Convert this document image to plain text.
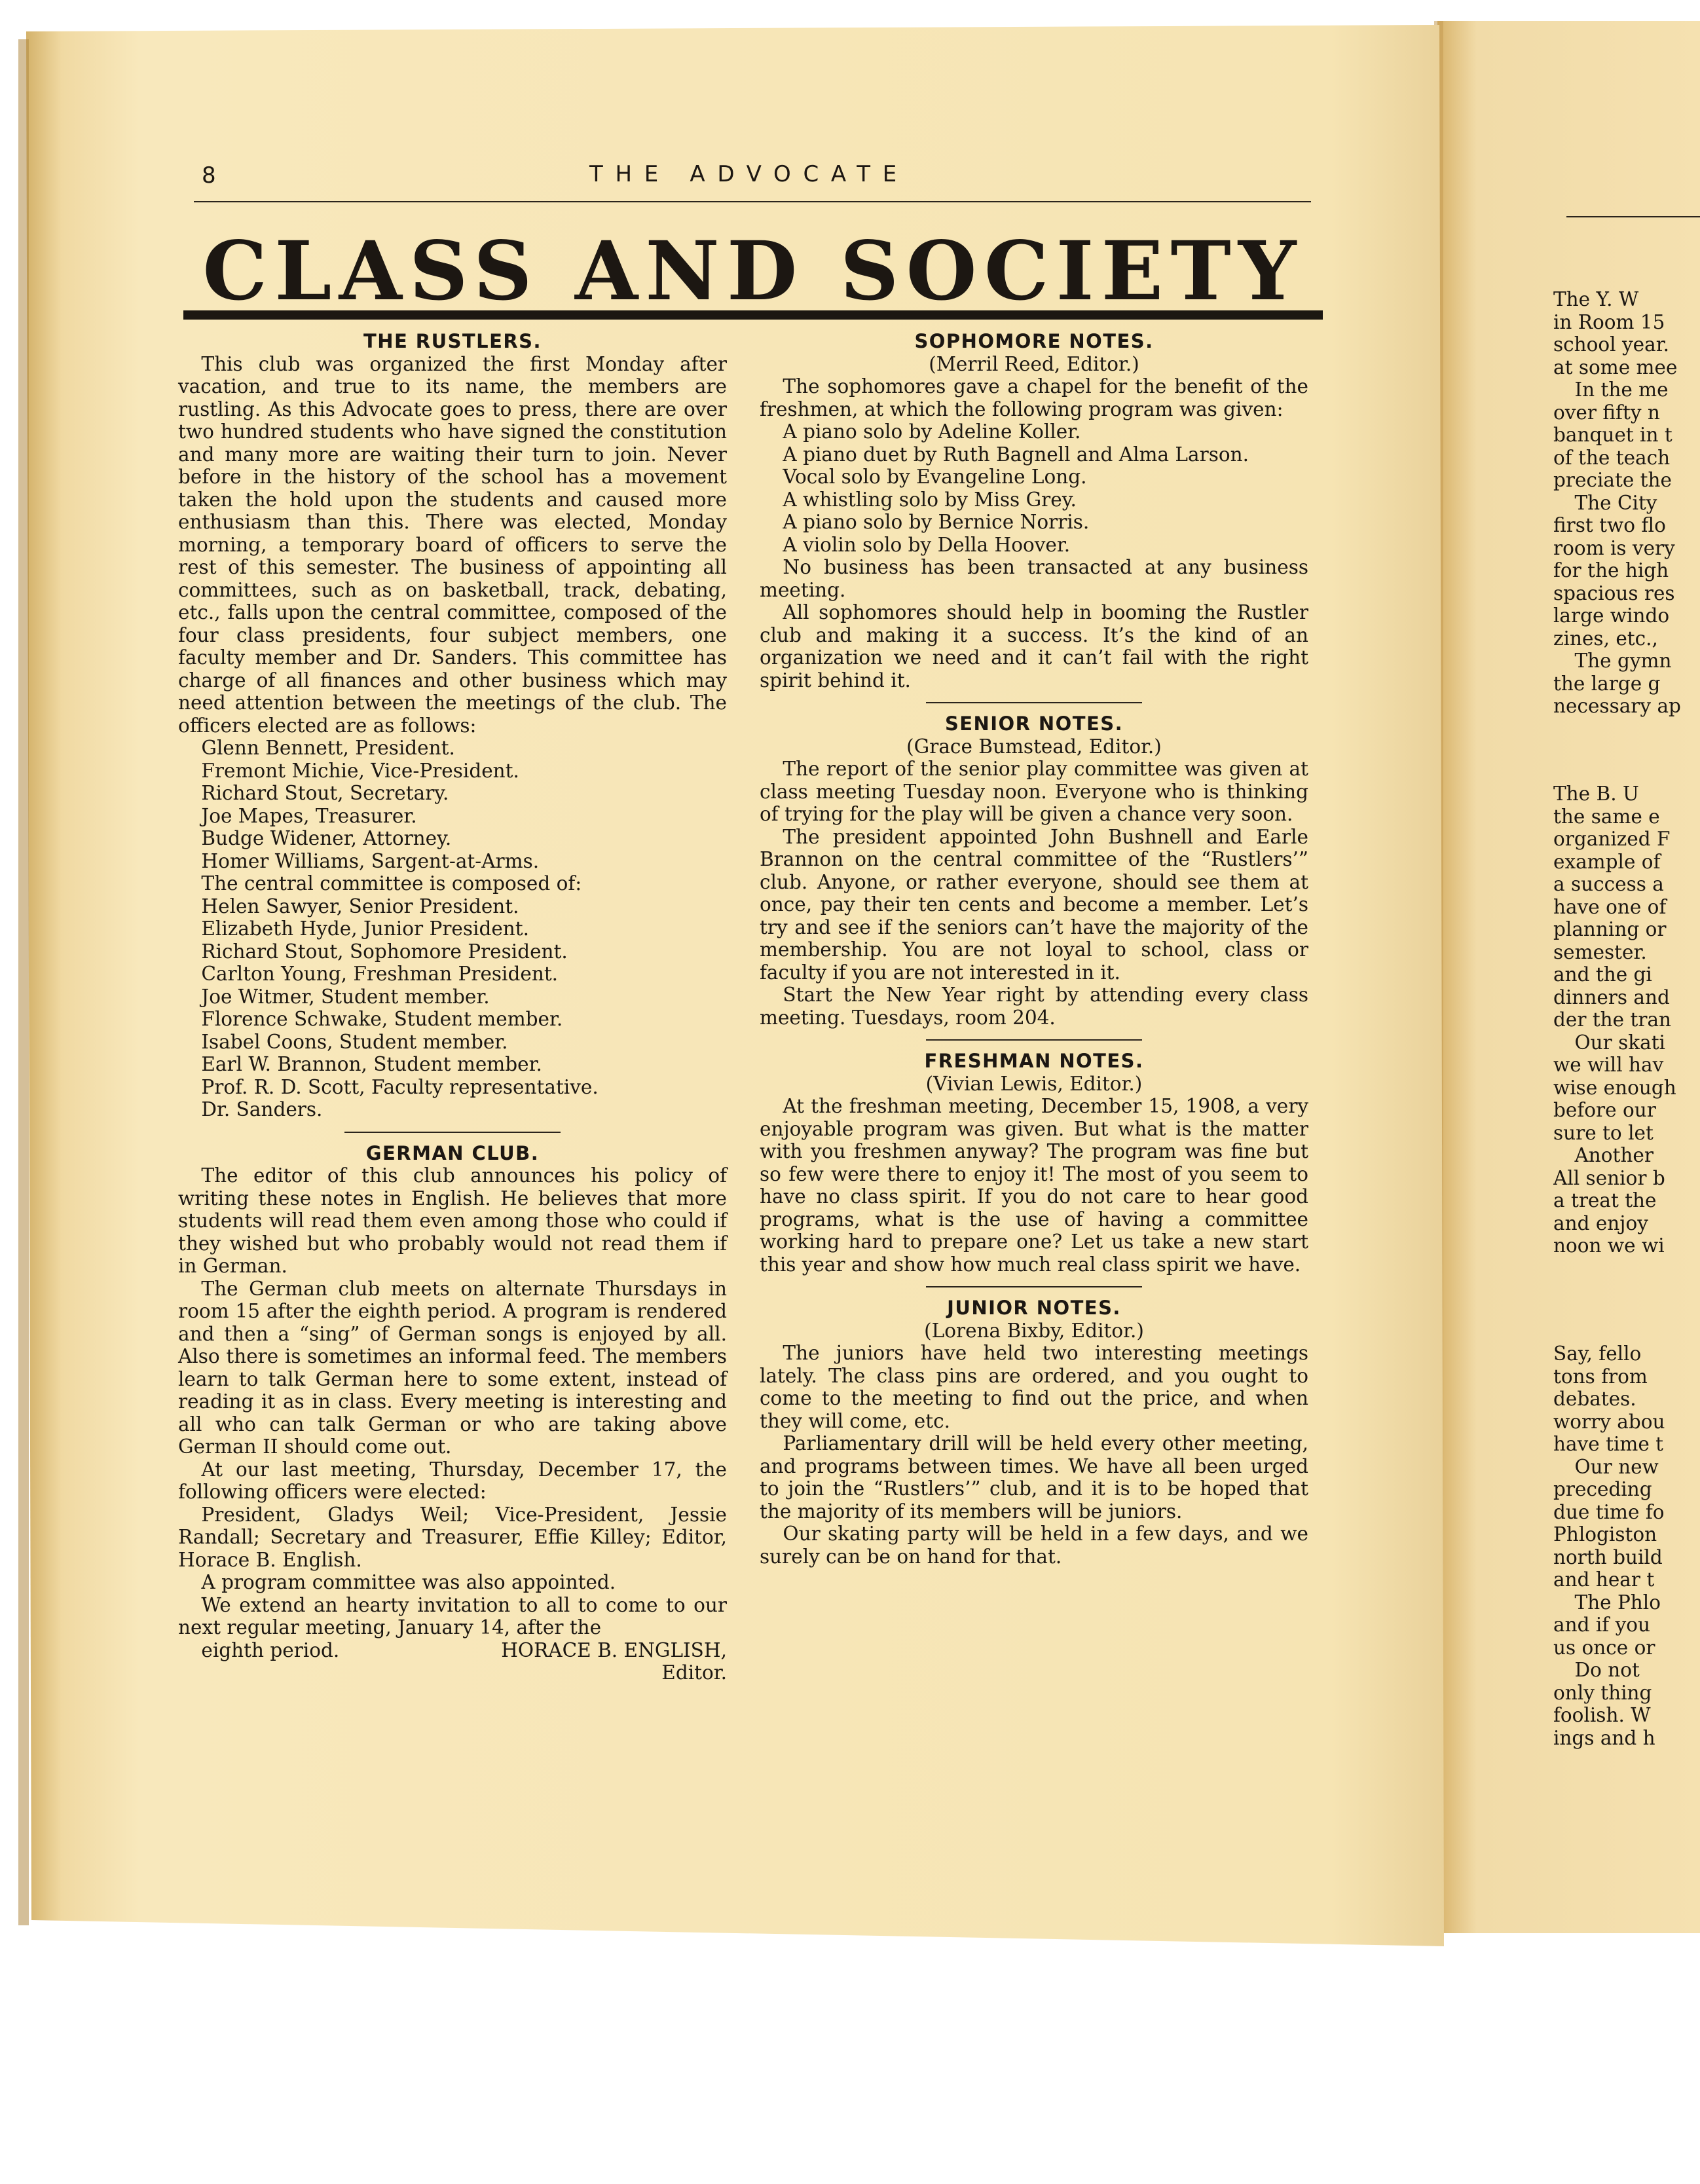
8	THE ADVOCATE
CLASS AND SOCIETY
THE RUSTLERS.

This club was organized the first Monday after vacation, and true to its name, the members are rustling. As this Advocate goes to press, there are over two hundred students who have signed the constitution and many more are waiting their turn to join. Never before in the history of the school has a movement taken the hold upon the students and caused more enthusiasm than this. There was elected, Monday morning, a temporary board of officers to serve the rest of this semester. The business of appointing all committees, such as on basketball, track, debating, etc., falls upon the central committee, composed of the four class presidents, four subject members, one faculty member and Dr. Sanders. This committee has charge of all finances and other business which may need attention between the meetings of the club. The officers elected are as follows:

Glenn Bennett, President.
Fremont Michie, Vice-President.
Richard Stout, Secretary.
Joe Mapes, Treasurer.
Budge Widener, Attorney.
Homer Williams, Sargent-at-Arms.
The central committee is composed of:
Helen Sawyer, Senior President.
Elizabeth Hyde, Junior President.
Richard Stout, Sophomore President.
Carlton Young, Freshman President.
Joe Witmer, Student member.
Florence Schwake, Student member.
Isabel Coons, Student member.
Earl W. Brannon, Student member.
Prof. R. D. Scott, Faculty representative.
Dr. Sanders.
GERMAN CLUB.

The editor of this club announces his policy of writing these notes in English. He believes that more students will read them even among those who could if they wished but who probably would not read them if in German.

The German club meets on alternate Thursdays in room 15 after the eighth period. A program is rendered and then a “sing” of German songs is enjoyed by all. Also there is sometimes an informal feed. The members learn to talk German here to some extent, instead of reading it as in class. Every meeting is interesting and all who can talk German or who are taking above German II should come out.

At our last meeting, Thursday, December 17, the following officers were elected:

President, Gladys Weil; Vice-President, Jessie Randall; Secretary and Treasurer, Effie Killey; Editor, Horace B. English.

A program committee was also appointed.

We extend an hearty invitation to all to come to our next regular meeting, January 14, after the

eighth period.	HORACE B. ENGLISH,
Editor.
SOPHOMORE NOTES.
(Merril Reed, Editor.)

The sophomores gave a chapel for the benefit of the freshmen, at which the following program was given:

A piano solo by Adeline Koller.
A piano duet by Ruth Bagnell and Alma Larson.
Vocal solo by Evangeline Long.
A whistling solo by Miss Grey.
A piano solo by Bernice Norris.
A violin solo by Della Hoover.

No business has been transacted at any business meeting.

All sophomores should help in booming the Rustler club and making it a success. It’s the kind of an organization we need and it can’t fail with the right spirit behind it.

SENIOR NOTES.
(Grace Bumstead, Editor.)

The report of the senior play committee was given at class meeting Tuesday noon. Everyone who is thinking of trying for the play will be given a chance very soon.

The president appointed John Bushnell and Earle Brannon on the central committee of the “Rustlers’” club. Anyone, or rather everyone, should see them at once, pay their ten cents and become a member. Let’s try and see if the seniors can’t have the majority of the membership. You are not loyal to school, class or faculty if you are not interested in it.

Start the New Year right by attending every class meeting. Tuesdays, room 204.

FRESHMAN NOTES.
(Vivian Lewis, Editor.)

At the freshman meeting, December 15, 1908, a very enjoyable program was given. But what is the matter with you freshmen anyway? The program was fine but so few were there to enjoy it! The most of you seem to have no class spirit. If you do not care to hear good programs, what is the use of having a committee working hard to prepare one? Let us take a new start this year and show how much real class spirit we have.

JUNIOR NOTES.
(Lorena Bixby, Editor.)

The juniors have held two interesting meetings lately. The class pins are ordered, and you ought to come to the meeting to find out the price, and when they will come, etc.

Parliamentary drill will be held every other meeting, and programs between times. We have all been urged to join the “Rustlers’” club, and it is to be hoped that the majority of its members will be juniors.

Our skating party will be held in a few days, and we surely can be on hand for that.

The Y. W
in Room 15
school year.
at some mee
In the me
over fifty n
banquet in t
of the teach
preciate the
The City
first two flo
room is very
for the high
spacious res
large windo
zines, etc.,
The gymn
the large g
necessary ap
The B. U
the same e
organized F
example of
a success a
have one of
planning or
semester.
and the gi
dinners and
der the tran
Our skati
we will hav
wise enough
before our
sure to let
Another
All senior b
a treat the
and enjoy
noon we wi
Say, fello
tons from
debates.
worry abou
have time t
Our new
preceding
due time fo
Phlogiston
north build
and hear t
The Phlo
and if you
us once or
Do not
only thing
foolish. W
ings and h
